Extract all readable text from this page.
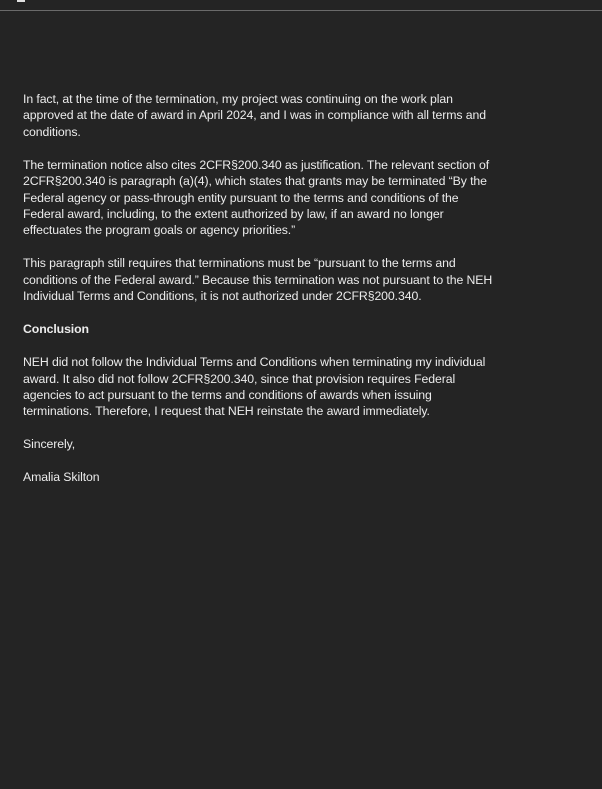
In fact, at the time of the termination, my project was continuing on the work plan
approved at the date of award in April 2024, and I was in compliance with all terms and
conditions.

The termination notice also cites 2CFR§200.340 as justification. The relevant section of
2CFR§200.340 is paragraph (a)(4), which states that grants may be terminated “By the
Federal agency or pass-through entity pursuant to the terms and conditions of the
Federal award, including, to the extent authorized by law, if an award no longer
effectuates the program goals or agency priorities.”

This paragraph still requires that terminations must be “pursuant to the terms and
conditions of the Federal award.” Because this termination was not pursuant to the NEH
Individual Terms and Conditions, it is not authorized under 2CFR§200.340.

Conclusion

NEH did not follow the Individual Terms and Conditions when terminating my individual
award. It also did not follow 2CFR§200.340, since that provision requires Federal
agencies to act pursuant to the terms and conditions of awards when issuing
terminations. Therefore, I request that NEH reinstate the award immediately.

Sincerely,

Amalia Skilton
